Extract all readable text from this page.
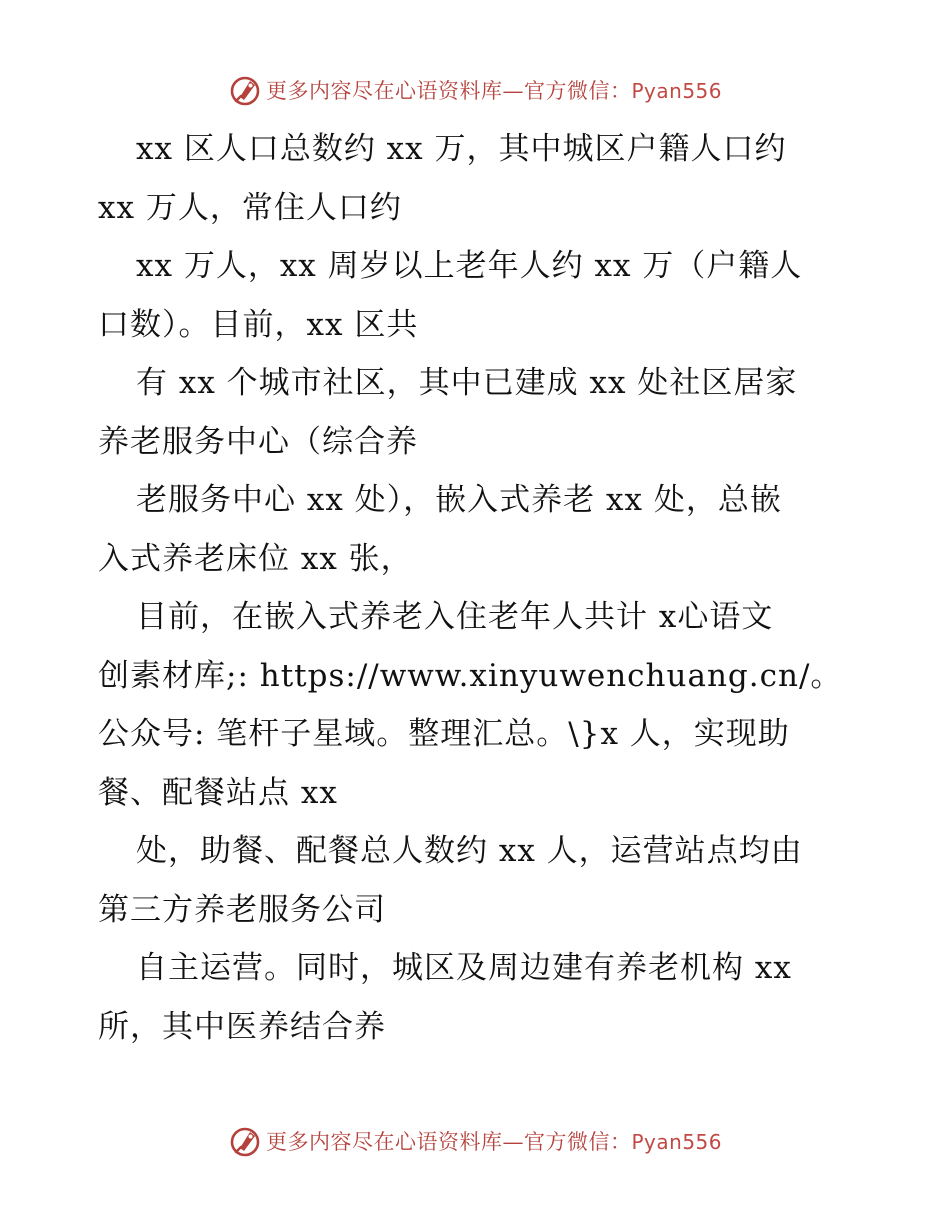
更多内容尽在心语资料库—官方微信：Pyan556
xx 区人口总数约 xx 万，其中城区户籍人口约
xx 万人，常住人口约
xx 万人，xx 周岁以上老年人约 xx 万（户籍人
口数）。目前，xx 区共
有 xx 个城市社区，其中已建成 xx 处社区居家
养老服务中心（综合养
老服务中心 xx 处），嵌入式养老 xx 处，总嵌
入式养老床位 xx 张，
目前，在嵌入式养老入住老年人共计 x心语文
创素材库;: https://www.xinyuwenchuang.cn/。
公众号: 笔杆子星域。整理汇总。\}x 人，实现助
餐、配餐站点 xx
处，助餐、配餐总人数约 xx 人，运营站点均由
第三方养老服务公司
自主运营。同时，城区及周边建有养老机构 xx
所，其中医养结合养
更多内容尽在心语资料库—官方微信：Pyan556
